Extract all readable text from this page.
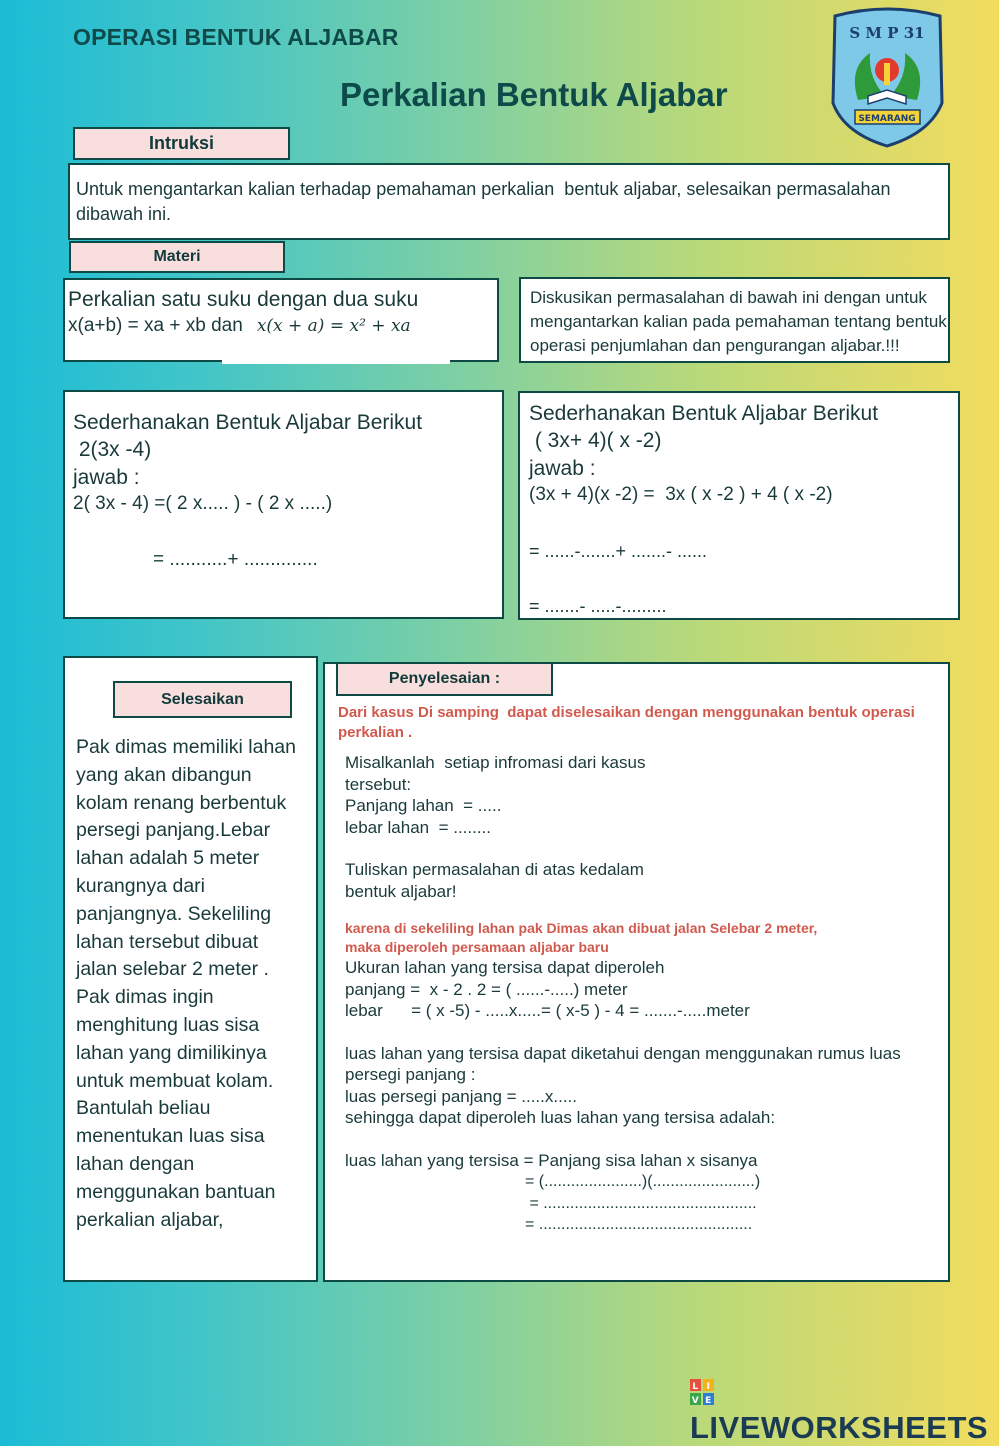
OPERASI BENTUK ALJABAR
Perkalian Bentuk Aljabar
S M P 31
SEMARANG
Intruksi
Untuk mengantarkan kalian terhadap pemahaman perkalian  bentuk aljabar, selesaikan permasalahan
dibawah ini.
Materi
Perkalian satu suku dengan dua suku
x(a+b) = xa + xb dan x(x + a) = x² + xa
Diskusikan permasalahan di bawah ini dengan untuk
mengantarkan kalian pada pemahaman tentang bentuk
operasi penjumlahan dan pengurangan aljabar.!!!
Sederhanakan Bentuk Aljabar Berikut
2(3x -4)
jawab :
2( 3x - 4) =( 2 x..... ) - ( 2 x .....)
= ...........+ ..............
Sederhanakan Bentuk Aljabar Berikut
( 3x+ 4)( x -2)
jawab :
(3x + 4)(x -2) =  3x ( x -2 ) + 4 ( x -2)
= ......-.......+ .......- ......
= .......- .....-.........
Selesaikan
Pak dimas memiliki lahan
yang akan dibangun
kolam renang berbentuk
persegi panjang.Lebar
lahan adalah 5 meter
kurangnya dari
panjangnya. Sekeliling
lahan tersebut dibuat
jalan selebar 2 meter .
Pak dimas ingin
menghitung luas sisa
lahan yang dimilikinya
untuk membuat kolam.
Bantulah beliau
menentukan luas sisa
lahan dengan
menggunakan bantuan
perkalian aljabar,
Dari kasus Di samping  dapat diselesaikan dengan menggunakan bentuk operasi
perkalian .
Misalkanlah  setiap infromasi dari kasus
tersebut:
Panjang lahan  = .....
lebar lahan  = ........
Tuliskan permasalahan di atas kedalam
bentuk aljabar!
karena di sekeliling lahan pak Dimas akan dibuat jalan Selebar 2 meter,
maka diperoleh persamaan aljabar baru
Ukuran lahan yang tersisa dapat diperoleh
panjang =  x - 2 . 2 = ( ......-.....) meter
lebar      = ( x -5) - .....x.....= ( x-5 ) - 4 = .......-.....meter
luas lahan yang tersisa dapat diketahui dengan menggunakan rumus luas
persegi panjang :
luas persegi panjang = .....x.....
sehingga dapat diperoleh luas lahan yang tersisa adalah:
luas lahan yang tersisa = Panjang sisa lahan x sisanya
= (......................)(.......................)
= ................................................
= ................................................
Penyelesaian :
L I
V E
LIVEWORKSHEETS
